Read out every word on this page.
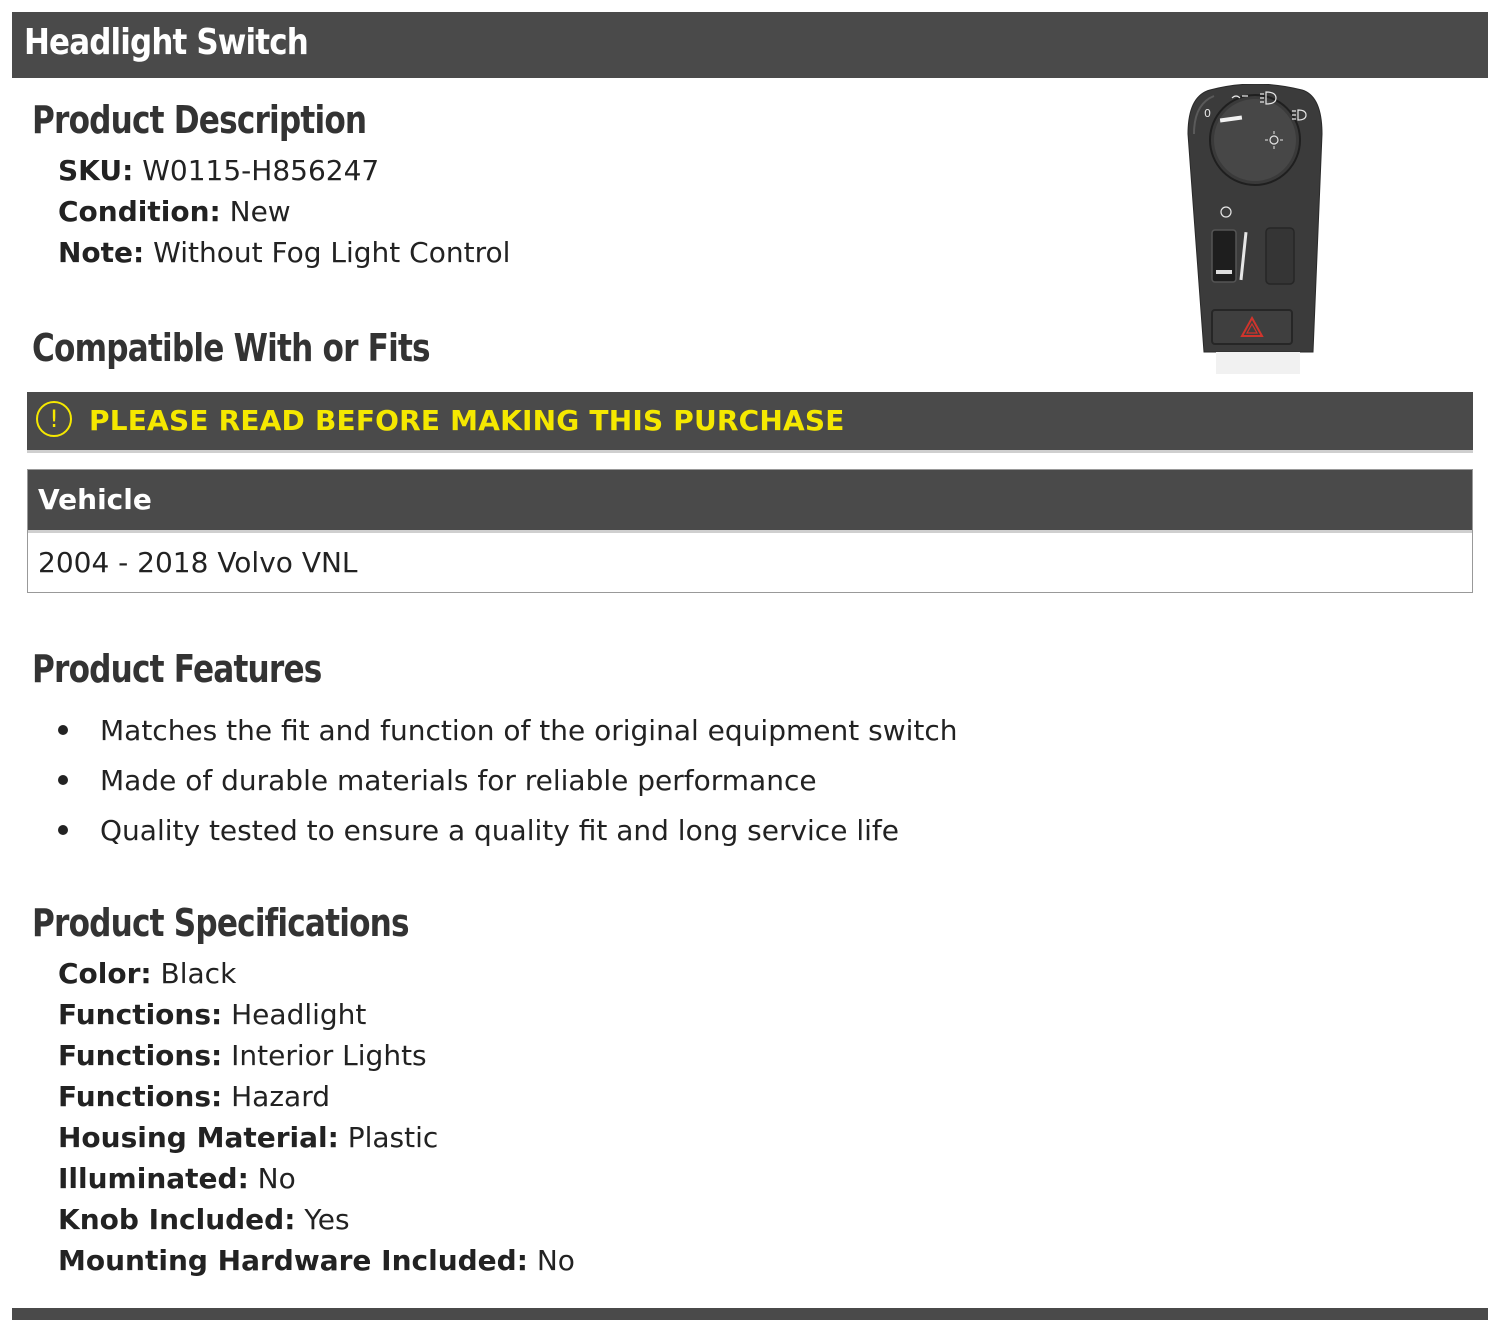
Headlight Switch
Product Description
SKU: W0115-H856247
Condition: New
Note: Without Fog Light Control
0
Compatible With or Fits
!	PLEASE READ BEFORE MAKING THIS PURCHASE
Vehicle
2004 - 2018 Volvo VNL
Product Features
Matches the fit and function of the original equipment switch
Made of durable materials for reliable performance
Quality tested to ensure a quality fit and long service life
Product Specifications
Color: Black
Functions: Headlight
Functions: Interior Lights
Functions: Hazard
Housing Material: Plastic
Illuminated: No
Knob Included: Yes
Mounting Hardware Included: No
